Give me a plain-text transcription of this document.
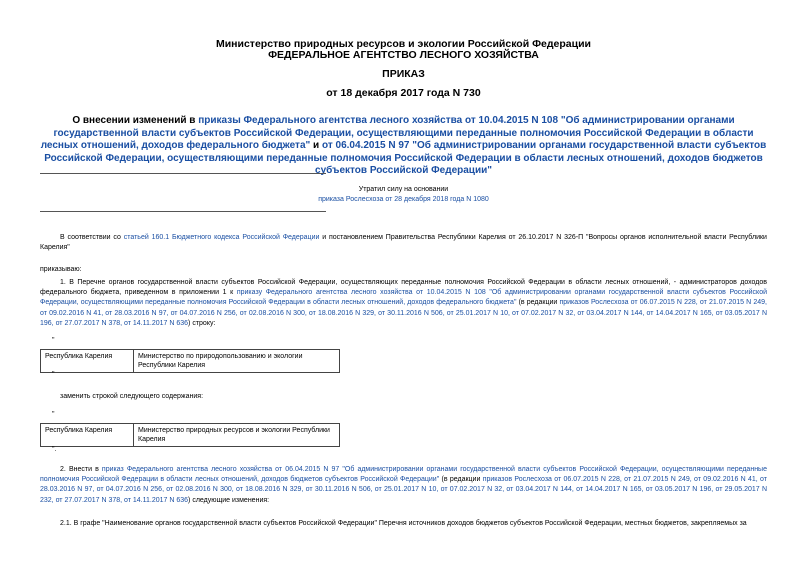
Министерство природных ресурсов и экологии Российской Федерации
ФЕДЕРАЛЬНОЕ АГЕНТСТВО ЛЕСНОГО ХОЗЯЙСТВА
ПРИКАЗ
от 18 декабря 2017 года N 730
О внесении изменений в приказы Федерального агентства лесного хозяйства от 10.04.2015 N 108 "Об администрировании органами государственной власти субъектов Российской Федерации, осуществляющими переданные полномочия Российской Федерации в области лесных отношений, доходов федерального бюджета" и от 06.04.2015 N 97 "Об администрировании органами государственной власти субъектов Российской Федерации, осуществляющими переданные полномочия Российской Федерации в области лесных отношений, доходов бюджетов субъектов Российской Федерации"
Утратил силу на основании
приказа Рослесхоза от 28 декабря 2018 года N 1080
В соответствии со статьей 160.1 Бюджетного кодекса Российской Федерации и постановлением Правительства Республики Карелия от 26.10.2017 N 326-П "Вопросы органов исполнительной власти Республики Карелия"
приказываю:
1. В Перечне органов государственной власти субъектов Российской Федерации, осуществляющих переданные полномочия Российской Федерации в области лесных отношений, - администраторов доходов федерального бюджета, приведенном в приложении 1 к приказу Федерального агентства лесного хозяйства от 10.04.2015 N 108 "Об администрировании органами государственной власти субъектов Российской Федерации, осуществляющими переданные полномочия Российской Федерации в области лесных отношений, доходов федерального бюджета" (в редакции приказов Рослесхоза от 06.07.2015 N 228, от 21.07.2015 N 249, от 09.02.2016 N 41, от 28.03.2016 N 97, от 04.07.2016 N 256, от 02.08.2016 N 300, от 18.08.2016 N 329, от 30.11.2016 N 506, от 25.01.2017 N 10, от 07.02.2017 N 32, от 03.04.2017 N 144, от 14.04.2017 N 165, от 03.05.2017 N 196, от 27.07.2017 N 378, от 14.11.2017 N 636) строку:
"
Республика Карелия	Министерство по природопользованию и экологии Республики Карелия
"
заменить строкой следующего содержания:
"
Республика Карелия	Министерство природных ресурсов и экологии Республики Карелия
".
2. Внести в приказ Федерального агентства лесного хозяйства от 06.04.2015 N 97 "Об администрировании органами государственной власти субъектов Российской Федерации, осуществляющими переданные полномочия Российской Федерации в области лесных отношений, доходов бюджетов субъектов Российской Федерации" (в редакции приказов Рослесхоза от 06.07.2015 N 228, от 21.07.2015 N 249, от 09.02.2016 N 41, от 28.03.2016 N 97, от 04.07.2016 N 256, от 02.08.2016 N 300, от 18.08.2016 N 329, от 30.11.2016 N 506, от 25.01.2017 N 10, от 07.02.2017 N 32, от 03.04.2017 N 144, от 14.04.2017 N 165, от 03.05.2017 N 196, от 29.05.2017 N 232, от 27.07.2017 N 378, от 14.11.2017 N 636) следующие изменения:
2.1. В графе "Наименование органов государственной власти субъектов Российской Федерации" Перечня источников доходов бюджетов субъектов Российской Федерации, местных бюджетов, закрепляемых за
